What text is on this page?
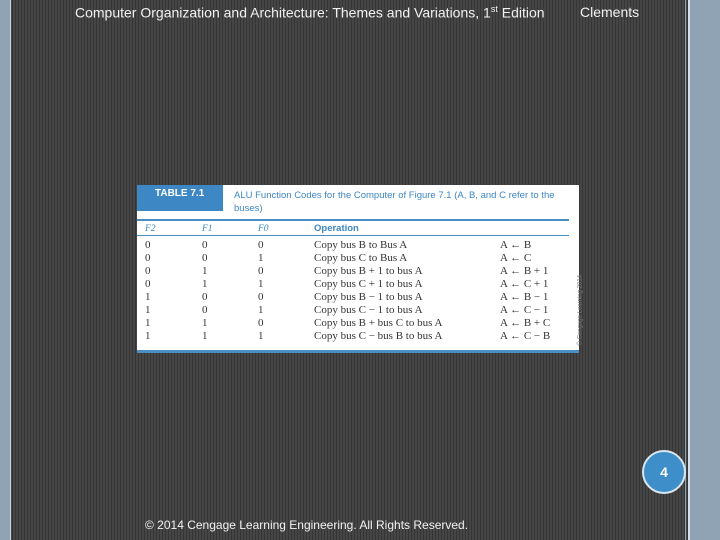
Computer Organization and Architecture: Themes and Variations, 1st Edition	Clements
TABLE 7.1	ALU Function Codes for the Computer of Figure 7.1 (A, B, and C refer to the buses)
F2	F1	F0	Operation
0	0	0	Copy bus B to Bus A	A ← B
0	0	1	Copy bus C to Bus A	A ← C
0	1	0	Copy bus B + 1 to bus A	A ← B + 1
0	1	1	Copy bus C + 1 to bus A	A ← C + 1
1	0	0	Copy bus B − 1 to bus A	A ← B − 1
1	0	1	Copy bus C − 1 to bus A	A ← C − 1
1	1	0	Copy bus B + bus C to bus A	A ← B + C
1	1	1	Copy bus C − bus B to bus A	A ← C − B	© Cengage Learning 2014
4
© 2014 Cengage Learning Engineering. All Rights Reserved.
